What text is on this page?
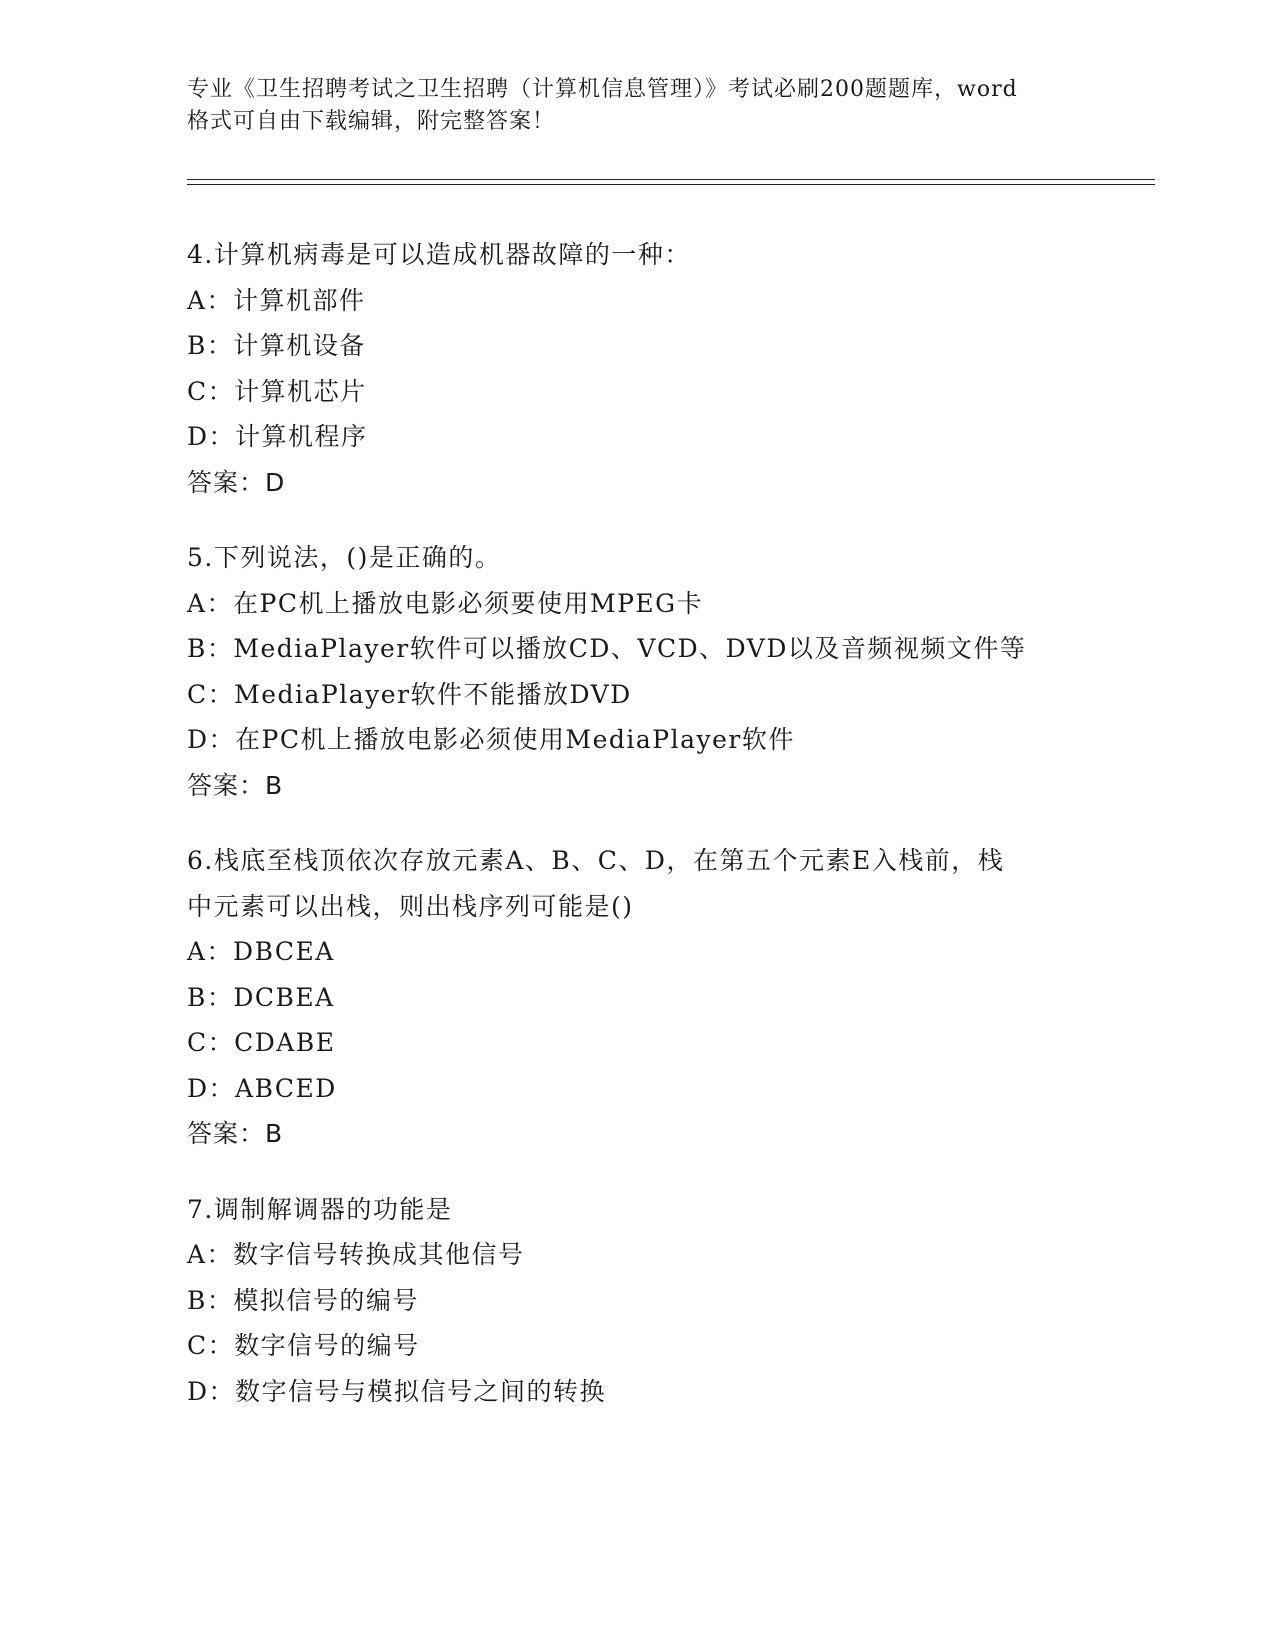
专业《卫生招聘考试之卫生招聘（计算机信息管理）》考试必刷200题题库，word
格式可自由下载编辑，附完整答案！
4.计算机病毒是可以造成机器故障的一种：
A：计算机部件
B：计算机设备
C：计算机芯片
D：计算机程序
答案：D
5.下列说法，()是正确的。
A：在PC机上播放电影必须要使用MPEG卡
B：MediaPlayer软件可以播放CD、VCD、DVD以及音频视频文件等
C：MediaPlayer软件不能播放DVD
D：在PC机上播放电影必须使用MediaPlayer软件
答案：B
6.栈底至栈顶依次存放元素A、B、C、D，在第五个元素E入栈前，栈
中元素可以出栈，则出栈序列可能是()
A：DBCEA
B：DCBEA
C：CDABE
D：ABCED
答案：B
7.调制解调器的功能是
A：数字信号转换成其他信号
B：模拟信号的编号
C：数字信号的编号
D：数字信号与模拟信号之间的转换
